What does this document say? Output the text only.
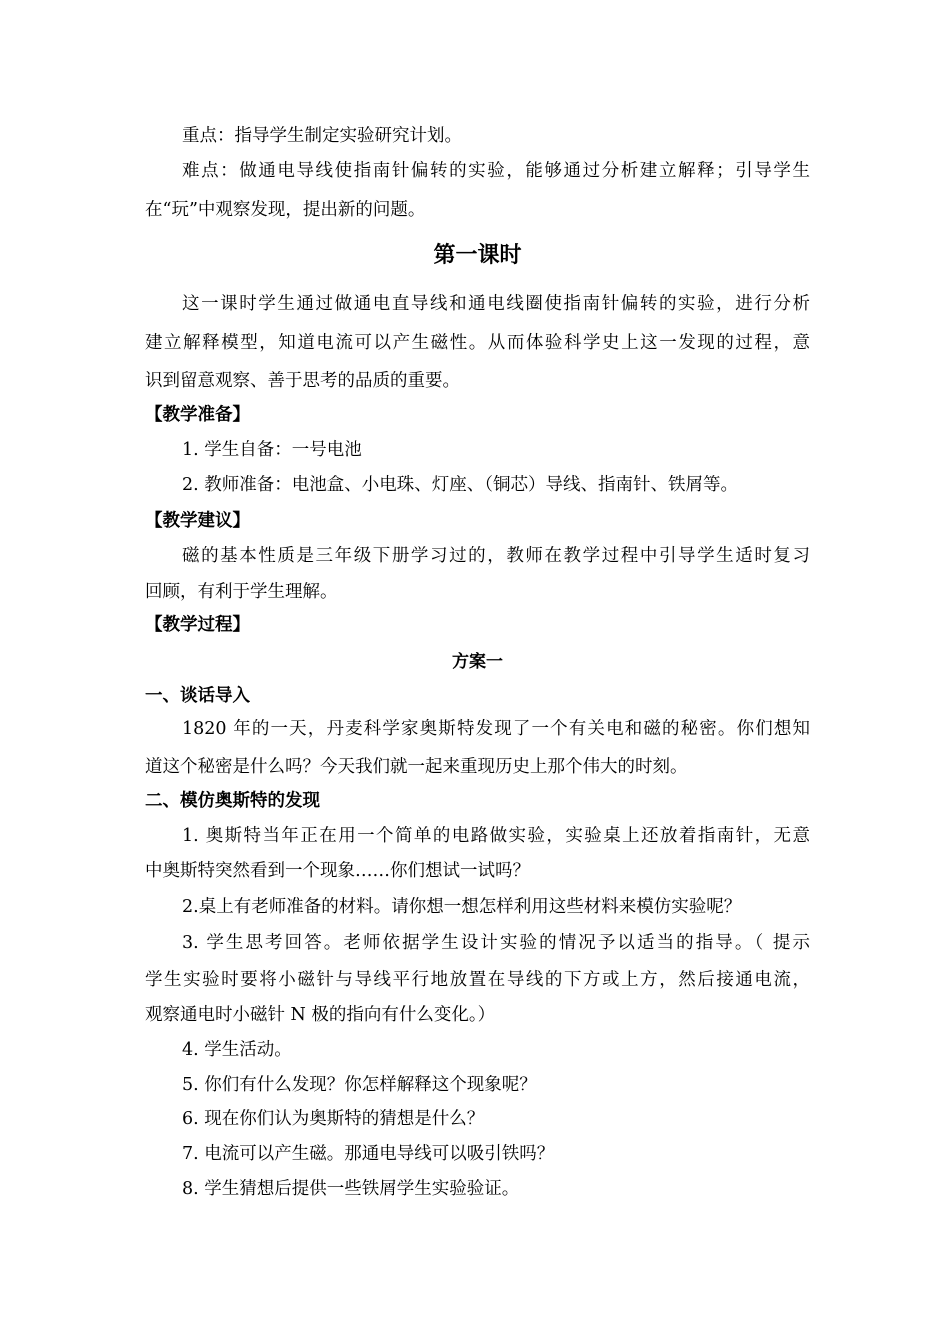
重点：指导学生制定实验研究计划。
难点：做通电导线使指南针偏转的实验，能够通过分析建立解释；引导学生
在“玩”中观察发现，提出新的问题。
第一课时
这一课时学生通过做通电直导线和通电线圈使指南针偏转的实验，进行分析
建立解释模型，知道电流可以产生磁性。从而体验科学史上这一发现的过程，意
识到留意观察、善于思考的品质的重要。
【教学准备】
1. 学生自备：一号电池
2. 教师准备：电池盒、小电珠、灯座、（铜芯）导线、指南针、铁屑等。
【教学建议】
磁的基本性质是三年级下册学习过的，教师在教学过程中引导学生适时复习
回顾，有利于学生理解。
【教学过程】
方案一
一、谈话导入
1820 年的一天，丹麦科学家奥斯特发现了一个有关电和磁的秘密。你们想知
道这个秘密是什么吗？今天我们就一起来重现历史上那个伟大的时刻。
二、模仿奥斯特的发现
1. 奥斯特当年正在用一个简单的电路做实验，实验桌上还放着指南针，无意
中奥斯特突然看到一个现象……你们想试一试吗？
2.桌上有老师准备的材料。请你想一想怎样利用这些材料来模仿实验呢？
3. 学生思考回答。老师依据学生设计实验的情况予以适当的指导。（ 提示
学生实验时要将小磁针与导线平行地放置在导线的下方或上方，然后接通电流，
观察通电时小磁针 N 极的指向有什么变化。）
4. 学生活动。
5. 你们有什么发现？你怎样解释这个现象呢？
6. 现在你们认为奥斯特的猜想是什么？
7. 电流可以产生磁。那通电导线可以吸引铁吗？
8. 学生猜想后提供一些铁屑学生实验验证。
